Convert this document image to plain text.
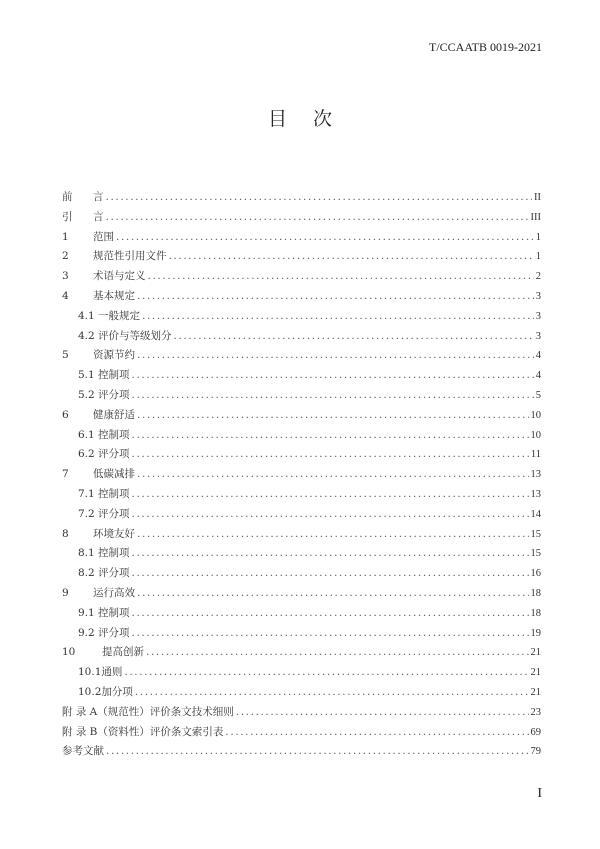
T/CCAATB 0019-2021
目次
前	言 .....	II
引	言 .....	III
1	范围 .....	1
2	规范性引用文件 .....	1
3	术语与定义 .....	2
4	基本规定 .....	3
4.1 一般规定 .....	3
4.2 评价与等级划分 .....	3
5	资源节约 .....	4
5.1 控制项 .....	4
5.2 评分项 .....	5
6	健康舒适 .....	10
6.1 控制项 .....	10
6.2 评分项 .....	11
7	低碳减排 .....	13
7.1 控制项 .....	13
7.2 评分项 .....	14
8	环境友好 .....	15
8.1 控制项 .....	15
8.2 评分项 .....	16
9	运行高效 .....	18
9.1 控制项 .....	18
9.2 评分项 .....	19
10	提高创新 .....	21
10.1通则 .....	21
10.2加分项 .....	21
附 录 A（规范性）评价条文技术细则 .....	23
附 录 B（资料性）评价条文索引表 .....	69
参考文献 .....	79
I
